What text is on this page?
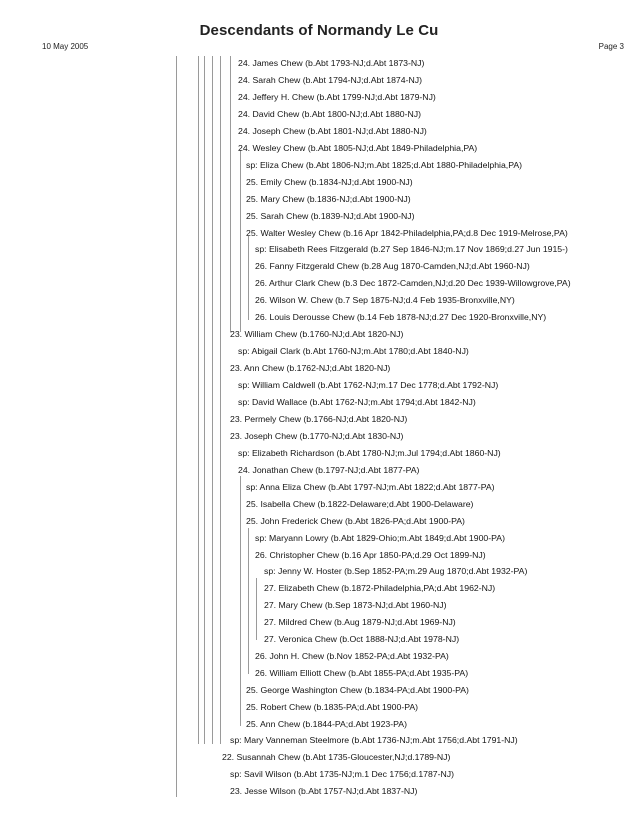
Descendants of Normandy Le Cu
10 May 2005	Page 3
24. James Chew (b.Abt 1793-NJ;d.Abt 1873-NJ)
24. Sarah Chew (b.Abt 1794-NJ;d.Abt 1874-NJ)
24. Jeffery H. Chew (b.Abt 1799-NJ;d.Abt 1879-NJ)
24. David Chew (b.Abt 1800-NJ;d.Abt 1880-NJ)
24. Joseph Chew (b.Abt 1801-NJ;d.Abt 1880-NJ)
24. Wesley Chew (b.Abt 1805-NJ;d.Abt 1849-Philadelphia,PA)
sp: Eliza Chew (b.Abt 1806-NJ;m.Abt 1825;d.Abt 1880-Philadelphia,PA)
25. Emily Chew (b.1834-NJ;d.Abt 1900-NJ)
25. Mary Chew (b.1836-NJ;d.Abt 1900-NJ)
25. Sarah Chew (b.1839-NJ;d.Abt 1900-NJ)
25. Walter Wesley Chew (b.16 Apr 1842-Philadelphia,PA;d.8 Dec 1919-Melrose,PA)
sp: Elisabeth Rees Fitzgerald (b.27 Sep 1846-NJ;m.17 Nov 1869;d.27 Jun 1915-)
26. Fanny Fitzgerald Chew (b.28 Aug 1870-Camden,NJ;d.Abt 1960-NJ)
26. Arthur Clark Chew (b.3 Dec 1872-Camden,NJ;d.20 Dec 1939-Willowgrove,PA)
26. Wilson W. Chew (b.7 Sep 1875-NJ;d.4 Feb 1935-Bronxville,NY)
26. Louis Derousse Chew (b.14 Feb 1878-NJ;d.27 Dec 1920-Bronxville,NY)
23. William Chew (b.1760-NJ;d.Abt 1820-NJ)
sp: Abigail Clark (b.Abt 1760-NJ;m.Abt 1780;d.Abt 1840-NJ)
23. Ann Chew (b.1762-NJ;d.Abt 1820-NJ)
sp: William Caldwell (b.Abt 1762-NJ;m.17 Dec 1778;d.Abt 1792-NJ)
sp: David Wallace (b.Abt 1762-NJ;m.Abt 1794;d.Abt 1842-NJ)
23. Permely Chew (b.1766-NJ;d.Abt 1820-NJ)
23. Joseph Chew (b.1770-NJ;d.Abt 1830-NJ)
sp: Elizabeth Richardson (b.Abt 1780-NJ;m.Jul 1794;d.Abt 1860-NJ)
24. Jonathan Chew (b.1797-NJ;d.Abt 1877-PA)
sp: Anna Eliza Chew (b.Abt 1797-NJ;m.Abt 1822;d.Abt 1877-PA)
25. Isabella Chew (b.1822-Delaware;d.Abt 1900-Delaware)
25. John Frederick Chew (b.Abt 1826-PA;d.Abt 1900-PA)
sp: Maryann Lowry (b.Abt 1829-Ohio;m.Abt 1849;d.Abt 1900-PA)
26. Christopher Chew (b.16 Apr 1850-PA;d.29 Oct 1899-NJ)
sp: Jenny W. Hoster (b.Sep 1852-PA;m.29 Aug 1870;d.Abt 1932-PA)
27. Elizabeth Chew (b.1872-Philadelphia,PA;d.Abt 1962-NJ)
27. Mary Chew (b.Sep 1873-NJ;d.Abt 1960-NJ)
27. Mildred Chew (b.Aug 1879-NJ;d.Abt 1969-NJ)
27. Veronica Chew (b.Oct 1888-NJ;d.Abt 1978-NJ)
26. John H. Chew (b.Nov 1852-PA;d.Abt 1932-PA)
26. William Elliott Chew (b.Abt 1855-PA;d.Abt 1935-PA)
25. George Washington Chew (b.1834-PA;d.Abt 1900-PA)
25. Robert Chew (b.1835-PA;d.Abt 1900-PA)
25. Ann Chew (b.1844-PA;d.Abt 1923-PA)
sp: Mary Vanneman Steelmore (b.Abt 1736-NJ;m.Abt 1756;d.Abt 1791-NJ)
22. Susannah Chew (b.Abt 1735-Gloucester,NJ;d.1789-NJ)
sp: Savil Wilson (b.Abt 1735-NJ;m.1 Dec 1756;d.1787-NJ)
23. Jesse Wilson (b.Abt 1757-NJ;d.Abt 1837-NJ)
